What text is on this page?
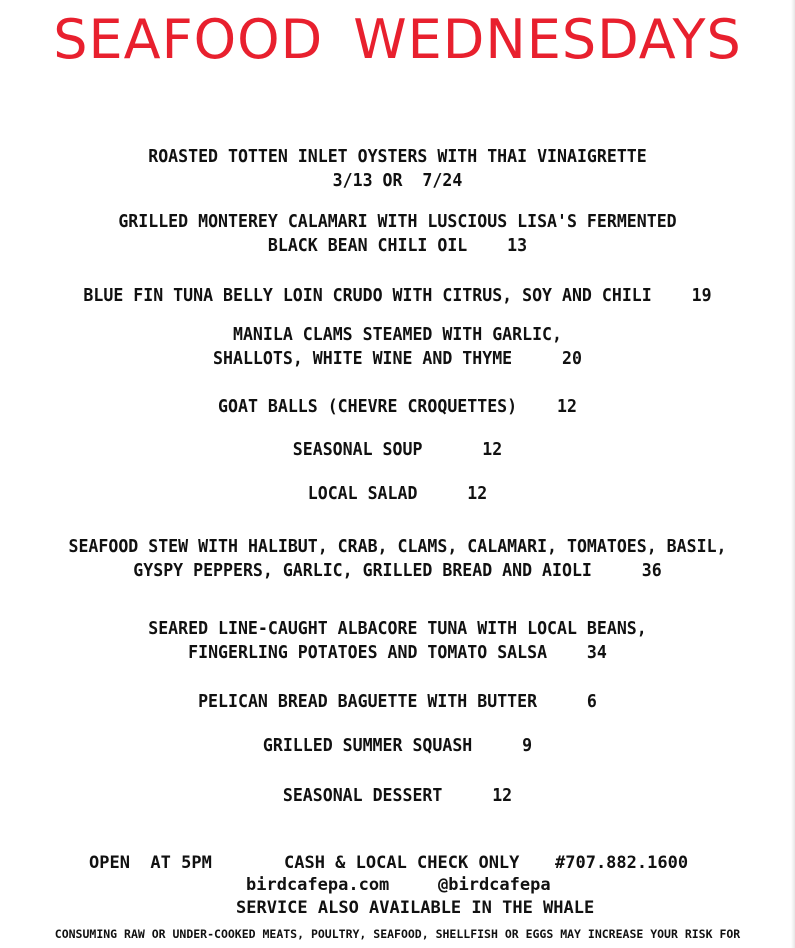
SEAFOOD WEDNESDAYS
ROASTED TOTTEN INLET OYSTERS WITH THAI VINAIGRETTE
3/13 OR  7/24
GRILLED MONTEREY CALAMARI WITH LUSCIOUS LISA'S FERMENTED
BLACK BEAN CHILI OIL    13
BLUE FIN TUNA BELLY LOIN CRUDO WITH CITRUS, SOY AND CHILI    19
MANILA CLAMS STEAMED WITH GARLIC,
SHALLOTS, WHITE WINE AND THYME     20
GOAT BALLS (CHEVRE CROQUETTES)    12
SEASONAL SOUP      12
LOCAL SALAD     12
SEAFOOD STEW WITH HALIBUT, CRAB, CLAMS, CALAMARI, TOMATOES, BASIL,
GYSPY PEPPERS, GARLIC, GRILLED BREAD AND AIOLI     36
SEARED LINE-CAUGHT ALBACORE TUNA WITH LOCAL BEANS,
FINGERLING POTATOES AND TOMATO SALSA    34
PELICAN BREAD BAGUETTE WITH BUTTER     6
GRILLED SUMMER SQUASH     9
SEASONAL DESSERT     12
OPEN  AT 5PM	CASH & LOCAL CHECK ONLY #707.882.1600
birdcafepa.com	@birdcafepa
SERVICE ALSO AVAILABLE IN THE WHALE
CONSUMING RAW OR UNDER-COOKED MEATS, POULTRY, SEAFOOD, SHELLFISH OR EGGS MAY INCREASE YOUR RISK FOR
